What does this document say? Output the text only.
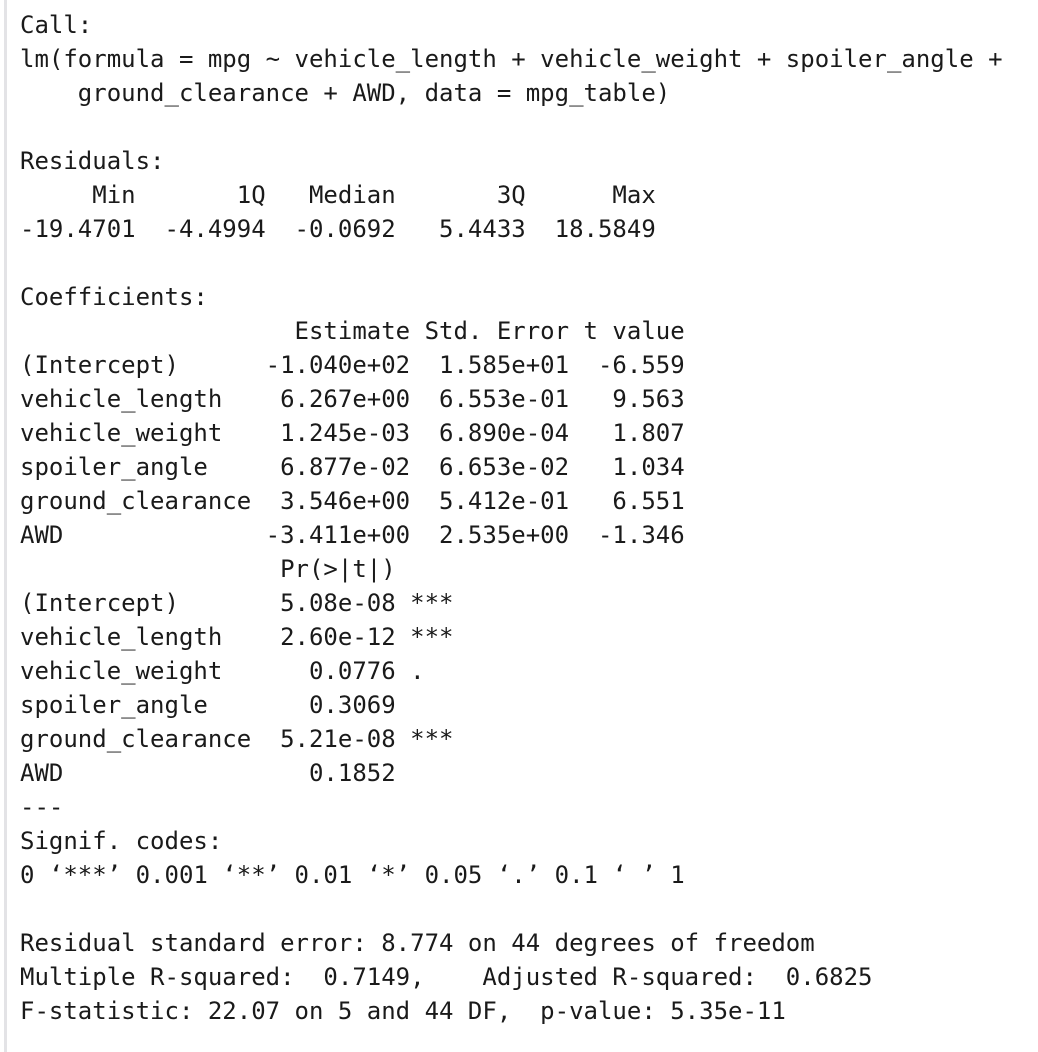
Call:
lm(formula = mpg ~ vehicle_length + vehicle_weight + spoiler_angle +
ground_clearance + AWD, data = mpg_table)
Residuals:
Min       1Q   Median       3Q      Max
-19.4701  -4.4994  -0.0692   5.4433  18.5849
Coefficients:
Estimate Std. Error t value
(Intercept)      -1.040e+02  1.585e+01  -6.559
vehicle_length    6.267e+00  6.553e-01   9.563
vehicle_weight    1.245e-03  6.890e-04   1.807
spoiler_angle     6.877e-02  6.653e-02   1.034
ground_clearance  3.546e+00  5.412e-01   6.551
AWD              -3.411e+00  2.535e+00  -1.346
Pr(>|t|)
(Intercept)       5.08e-08 ***
vehicle_length    2.60e-12 ***
vehicle_weight      0.0776 .
spoiler_angle       0.3069
ground_clearance  5.21e-08 ***
AWD                 0.1852
---
Signif. codes:
0 ‘***’ 0.001 ‘**’ 0.01 ‘*’ 0.05 ‘.’ 0.1 ‘ ’ 1
Residual standard error: 8.774 on 44 degrees of freedom
Multiple R-squared:  0.7149,    Adjusted R-squared:  0.6825
F-statistic: 22.07 on 5 and 44 DF,  p-value: 5.35e-11
